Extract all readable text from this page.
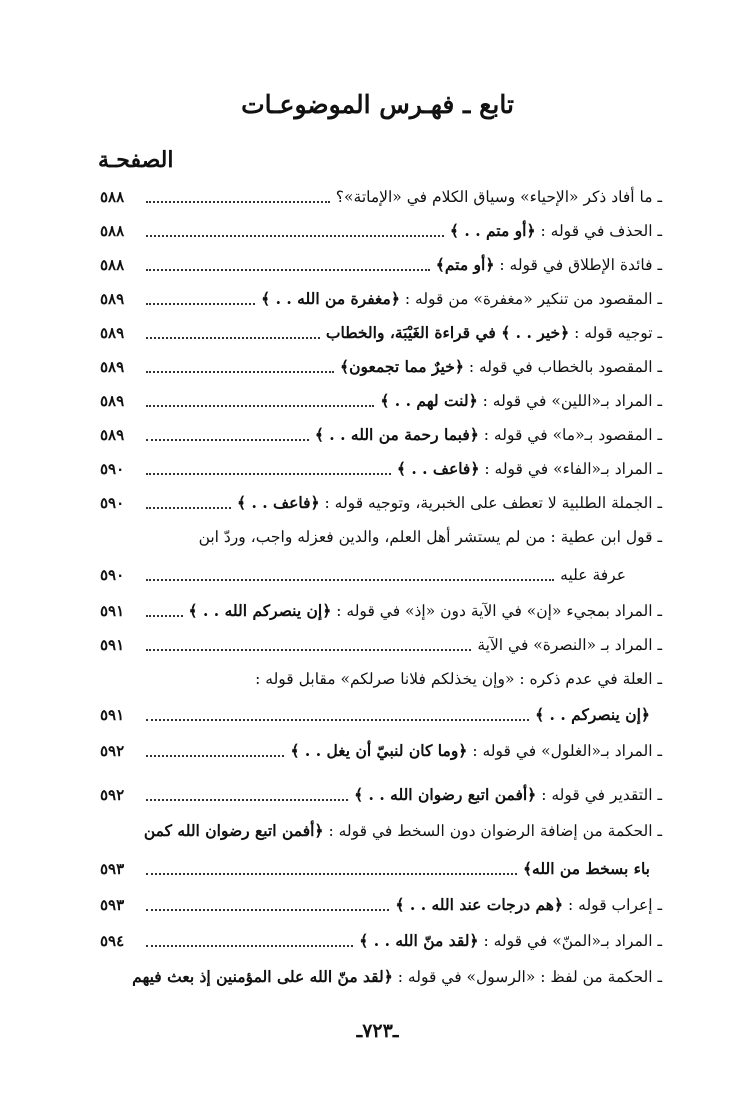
تابع ـ فهـرس الموضوعـات
الصفحـة
ـ ما أفاد ذكر «الإحياء» وسياق الكلام في «الإماتة»؟
٥٨٨
ـ الحذف في قوله : ﴿أو متم . . ﴾
٥٨٨
ـ فائدة الإطلاق في قوله : ﴿أو متم﴾
٥٨٨
ـ المقصود من تنكير «مغفرة» من قوله : ﴿مغفرة من الله . . ﴾
٥٨٩
ـ توجيه قوله : ﴿خير . . ﴾ في قراءة الغَيْبَة، والخطاب
٥٨٩
ـ المقصود بالخطاب في قوله : ﴿خيرٌ مما تجمعون﴾
٥٨٩
ـ المراد بـ«اللين» في قوله : ﴿لنت لهم . . ﴾
٥٨٩
ـ المقصود بـ«ما» في قوله : ﴿فبما رحمة من الله . . ﴾
٥٨٩
ـ المراد بـ«الفاء» في قوله : ﴿فاعف . . ﴾
٥٩٠
ـ الجملة الطلبية لا تعطف على الخبرية، وتوجيه قوله : ﴿فاعف . . ﴾
٥٩٠
ـ قول ابن عطية : من لم يستشر أهل العلم، والدين فعزله واجب، وردّ ابن
عرفة عليه
٥٩٠
ـ المراد بمجيء «إن» في الآية دون «إذ» في قوله : ﴿إن ينصركم الله . . ﴾
٥٩١
ـ المراد بـ «النصرة» في الآية
٥٩١
ـ العلة في عدم ذكره : «وإن يخذلكم فلانا صرلكم» مقابل قوله :
﴿إن ينصركم . . ﴾
٥٩١
ـ المراد بـ«الغلول» في قوله : ﴿وما كان لنبيّ أن يغل . . ﴾
٥٩٢
ـ التقدير في قوله : ﴿أفمن اتبع رضوان الله . . ﴾
٥٩٢
ـ الحكمة من إضافة الرضوان دون السخط في قوله : ﴿أفمن اتبع رضوان الله كمن
باء بسخط من الله﴾
٥٩٣
ـ إعراب قوله : ﴿هم درجات عند الله . . ﴾
٥٩٣
ـ المراد بـ«المنّ» في قوله : ﴿لقد منّ الله . . ﴾
٥٩٤
ـ الحكمة من لفظ : «الرسول» في قوله : ﴿لقد منّ الله على المؤمنين إذ بعث فيهم
ـ٧٢٣ـ
